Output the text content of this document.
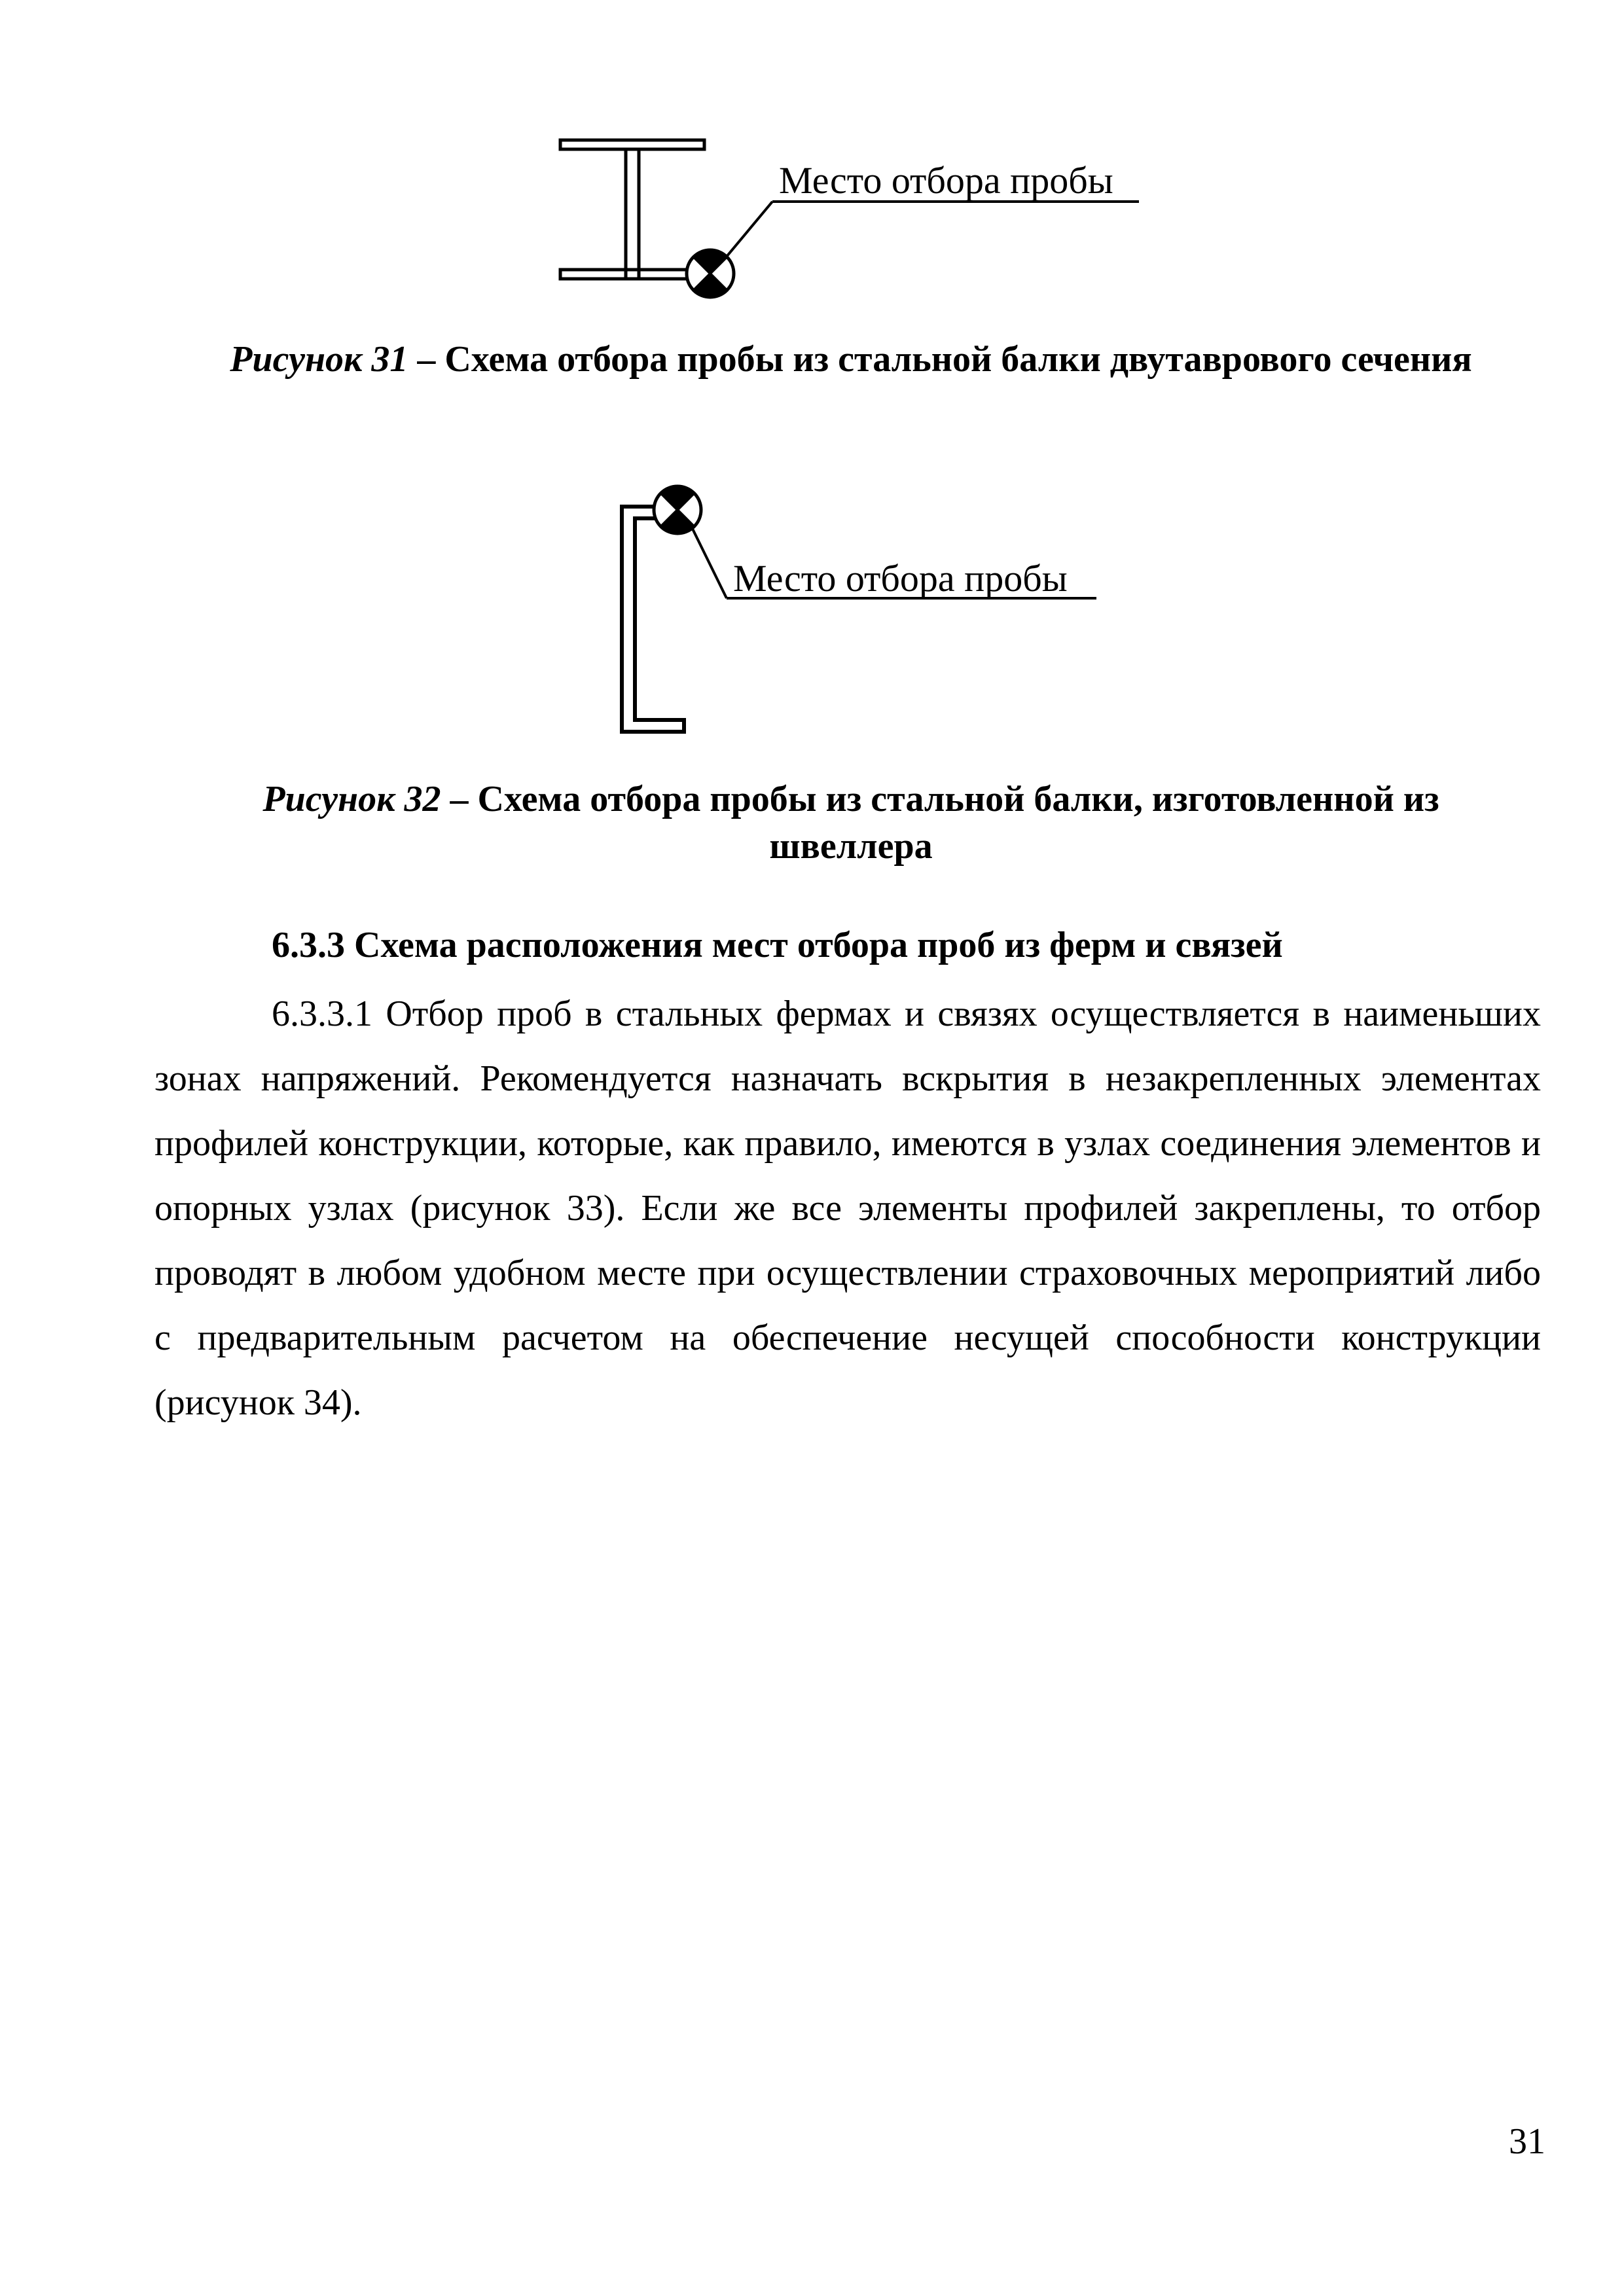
Место отбора пробы
Рисунок 31 – Схема отбора пробы из стальной балки двутаврового сечения
Место отбора пробы
Рисунок 32 – Схема отбора пробы из стальной балки, изготовленной из
швеллера
6.3.3 Схема расположения мест отбора проб из ферм и связей

6.3.3.1 Отбор проб в стальных фермах и связях осуществляется в наименьших зонах напряжений. Рекомендуется назначать вскрытия в незакрепленных элементах профилей конструкции, которые, как правило, имеются в узлах соединения элементов и опорных узлах (рисунок 33). Если же все элементы профилей закреплены, то отбор проводят в любом удобном месте при осуществлении страховочных мероприятий либо с предварительным расчетом на обеспечение несущей способности конструкции (рисунок 34).

31
